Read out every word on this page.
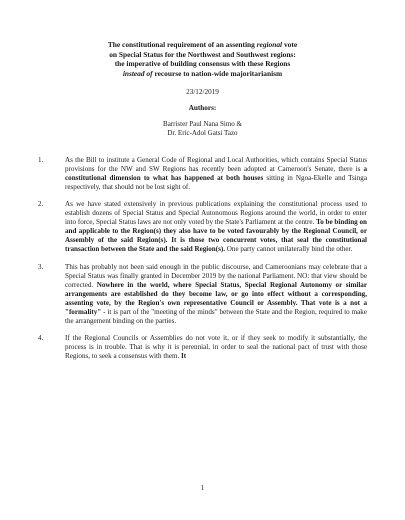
The constitutional requirement of an assenting regional vote
on Special Status for the Northwest and Southwest regions:
the imperative of building consensus with these Regions
instead of recourse to nation-wide majoritarianism
23/12/2019
Authors:
Barrister Paul Nana Simo &
Dr. Eric-Adol Gatsi Tazo
1.	As the Bill to institute a General Code of Regional and Local Authorities, which contains Special Status provisions for the NW and SW Regions has recently been adopted at Cameroon's Senate, there is a constitutional dimension to what has happened at both houses sitting in Ngoa-Ekelle and Tsinga respectively, that should not be lost sight of.
2.	As we have stated extensively in previous publications explaining the constitutional process used to establish dozens of Special Status and Special Autonomous Regions around the world, in order to enter into force, Special Status laws are not only voted by the State's Parliament at the centre. To be binding on and applicable to the Region(s) they also have to be voted favourably by the Regional Council, or Assembly of the said Region(s). It is those two concurrent votes, that seal the constitutional transaction between the State and the said Region(s). One party cannot unilaterally bind the other.
3.	This has probably not been said enough in the public discourse, and Cameroonians may celebrate that a Special Status was finally granted in December 2019 by the national Parliament. NO: that view should be corrected. Nowhere in the world, where Special Status, Special Regional Autonomy or similar arrangements are established do they become law, or go into effect without a corresponding, assenting vote, by the Region's own representative Council or Assembly. That vote is a not a "formality" - it is part of the "meeting of the minds" between the State and the Region, required to make the arrangement binding on the parties.
4.	If the Regional Councils or Assemblies do not vote it, or if they seek to modify it substantially, the process is in trouble. That is why it is perennial, in order to seal the national pact of trust with those Regions, to seek a consensus with them. It
1
